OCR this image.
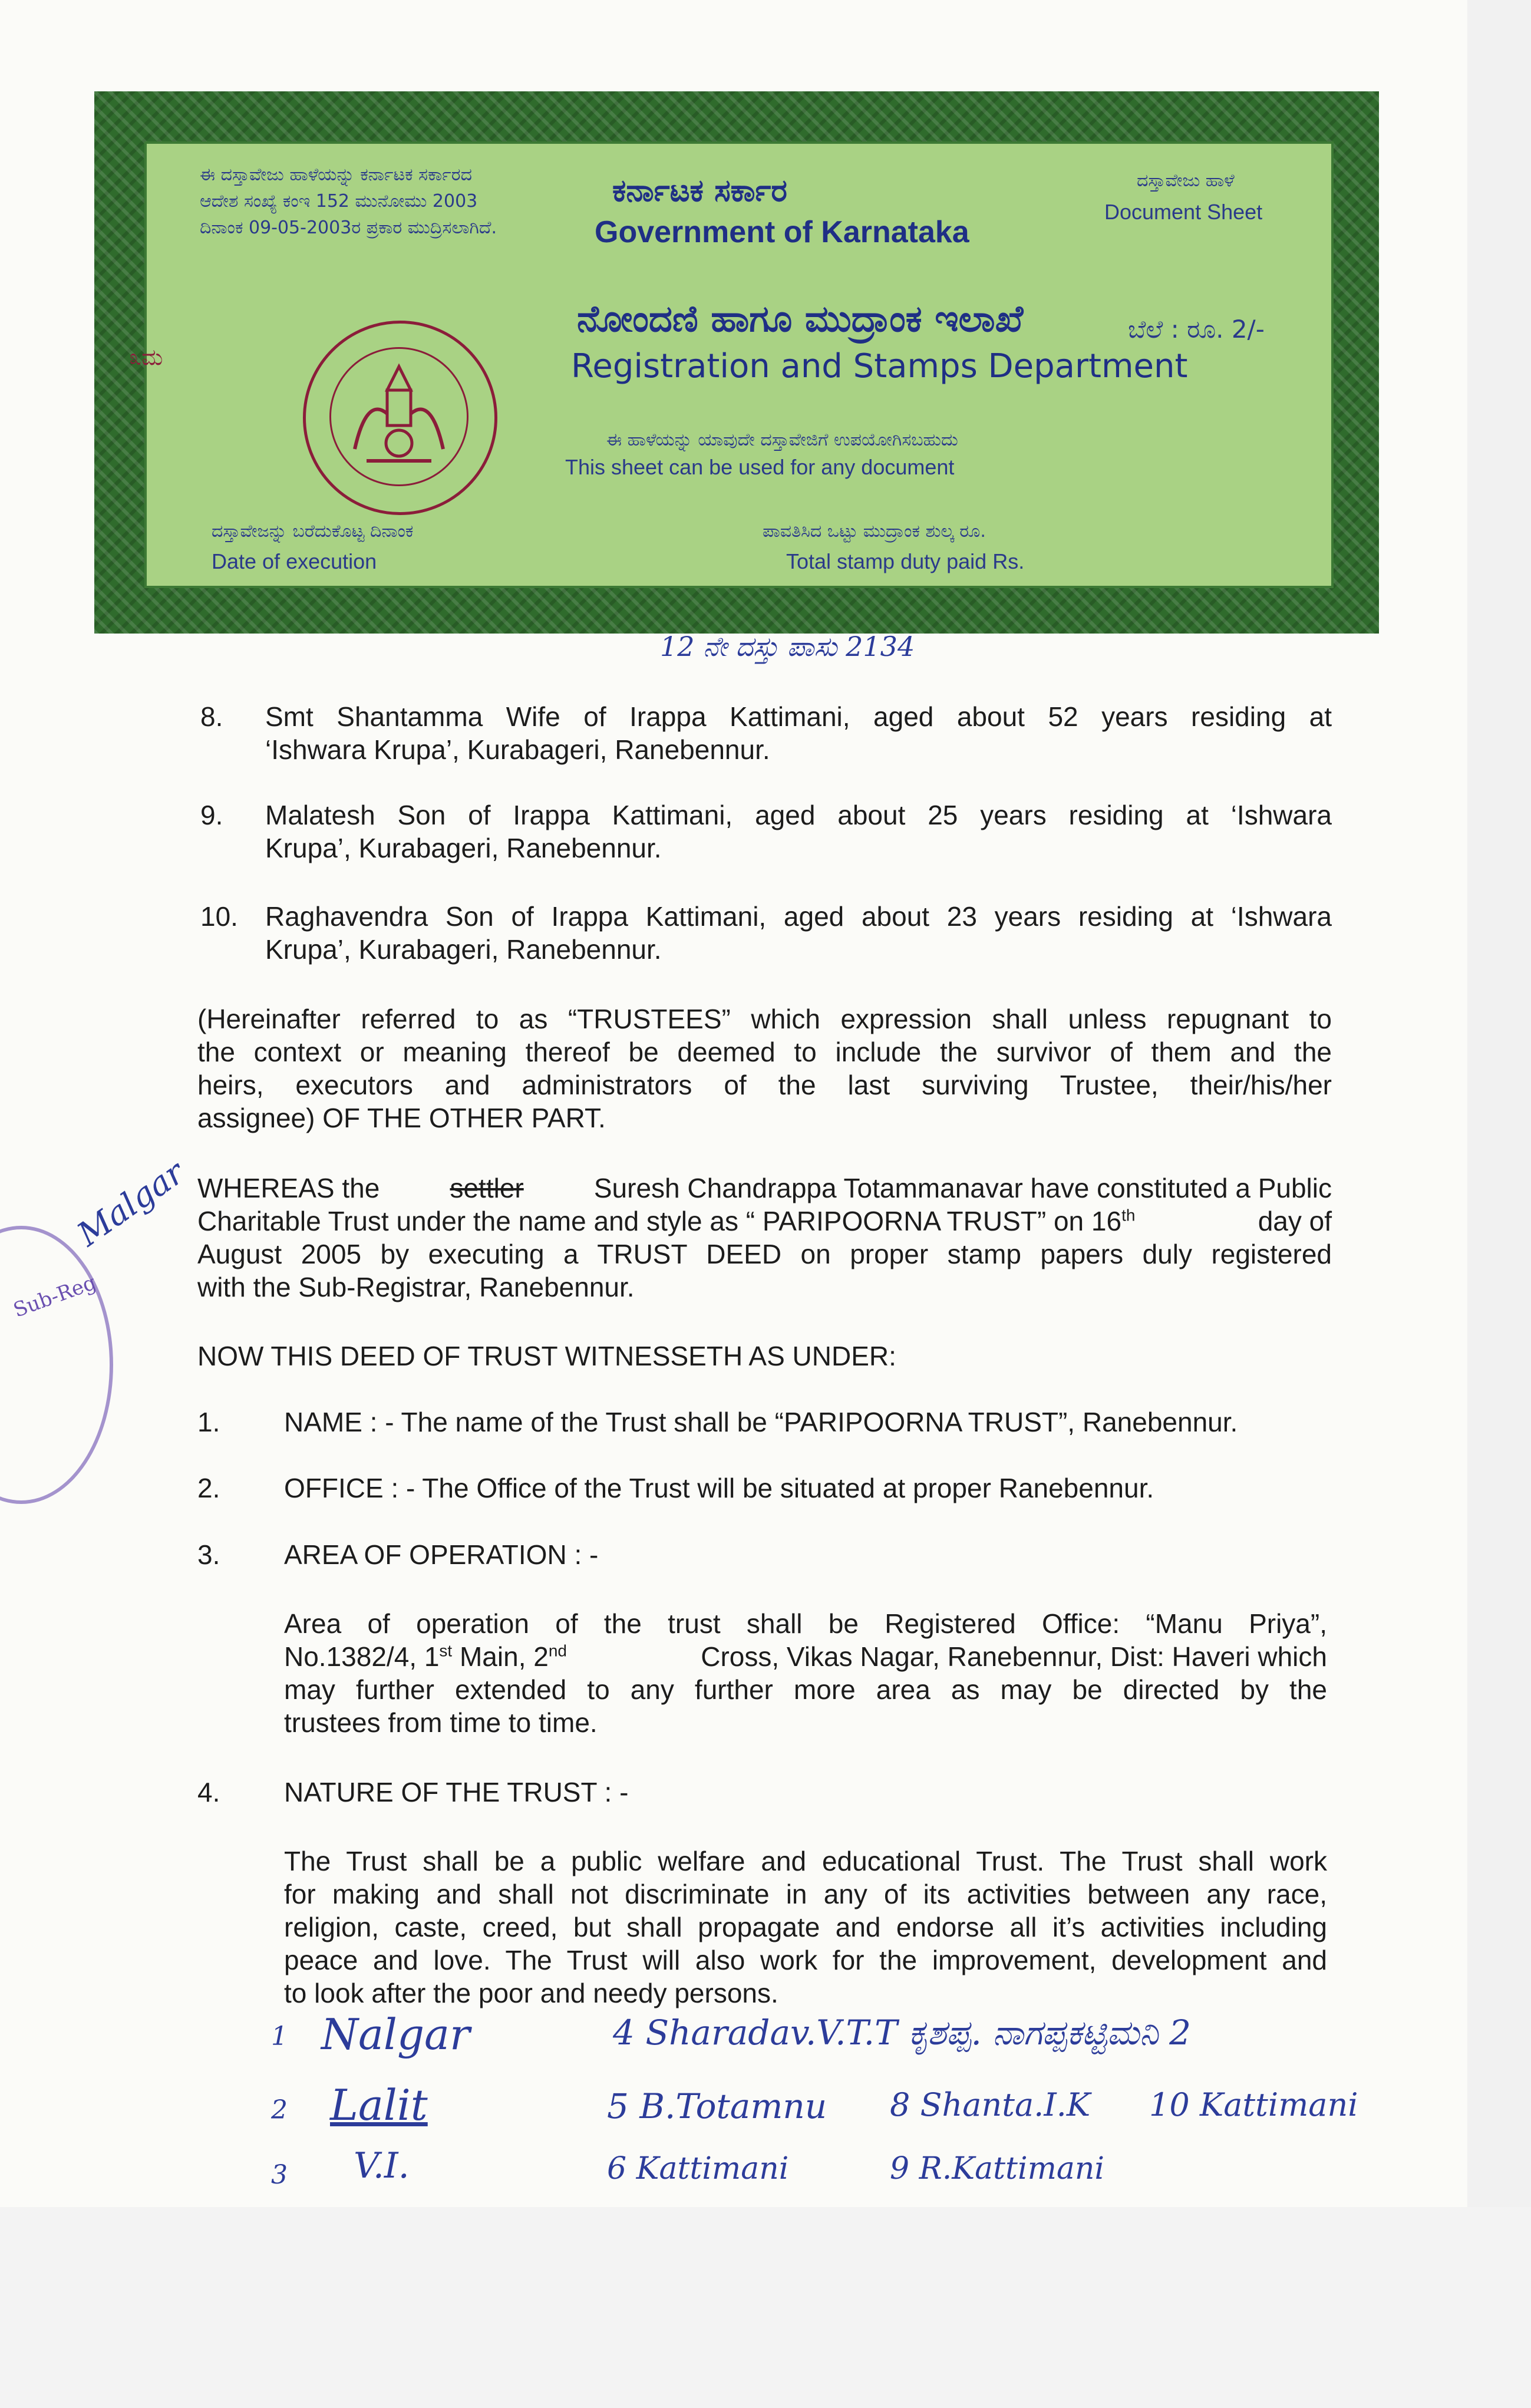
ಈ ದಸ್ತಾವೇಜು ಹಾಳೆಯನ್ನು ಕರ್ನಾಟಕ ಸರ್ಕಾರದ
ಆದೇಶ ಸಂಖ್ಯೆ ಕಂಇ 152 ಮುನೋಮು 2003
ದಿನಾಂಕ 09-05-2003ರ ಪ್ರಕಾರ ಮುದ್ರಿಸಲಾಗಿದೆ.
ಕರ್ನಾಟಕ ಸರ್ಕಾರ
Government of Karnataka
ದಸ್ತಾವೇಜು ಹಾಳೆ
Document Sheet
೩ಮ
ನೋಂದಣಿ ಹಾಗೂ ಮುದ್ರಾಂಕ ಇಲಾಖೆ
Registration and Stamps Department
ಬೆಲೆ : ರೂ. 2/-
ಈ ಹಾಳೆಯನ್ನು ಯಾವುದೇ ದಸ್ತಾವೇಜಿಗೆ ಉಪಯೋಗಿಸಬಹುದು
This sheet can be used for any document
ದಸ್ತಾವೇಜನ್ನು ಬರೆದುಕೊಟ್ಟ ದಿನಾಂಕ
Date of execution
ಪಾವತಿಸಿದ ಒಟ್ಟು ಮುದ್ರಾಂಕ ಶುಲ್ಕ ರೂ.
Total stamp duty paid Rs.
12 ನೇ ದಸ್ತು ಪಾಸು 2134
8. Smt Shantamma Wife of Irappa Kattimani, aged about 52 years residing at
‘Ishwara Krupa’, Kurabageri, Ranebennur.
9. Malatesh Son of Irappa Kattimani, aged about 25 years residing at ‘Ishwara
Krupa’, Kurabageri, Ranebennur.
10. Raghavendra Son of Irappa Kattimani, aged about 23 years residing at ‘Ishwara
Krupa’, Kurabageri, Ranebennur.
(Hereinafter referred to as “TRUSTEES” which expression shall unless repugnant to
the context or meaning thereof be deemed to include the survivor of them and the
heirs, executors and administrators of the last surviving Trustee, their/his/her
assignee) OF THE OTHER PART.
WHEREAS the	settler	Suresh Chandrappa Totammanavar have constituted a Public
Charitable Trust under the name and style as “ PARIPOORNA TRUST” on 16th	day of
August 2005 by executing a TRUST DEED on proper stamp papers duly registered
with the Sub-Registrar, Ranebennur.
NOW THIS DEED OF TRUST WITNESSETH AS UNDER:
1. NAME : - The name of the Trust shall be “PARIPOORNA TRUST”, Ranebennur.
2. OFFICE : - The Office of the Trust will be situated at proper Ranebennur.
3. AREA OF OPERATION : -
Area of operation of the trust shall be Registered Office: “Manu Priya”,
No.1382/4, 1st Main, 2nd	Cross, Vikas Nagar, Ranebennur, Dist: Haveri which
may further extended to any further more area as may be directed by the
trustees from time to time.
4. NATURE OF THE TRUST : -
The Trust shall be a public welfare and educational Trust. The Trust shall work
for making and shall not discriminate in any of its activities between any race,
religion, caste, creed, but shall propagate and endorse all it’s activities including
peace and love. The Trust will also work for the improvement, development and
to look after the poor and needy persons.
1 Nalgar	4 Sharadav.V.T.T ಕೃಶಪ್ಪ. ನಾಗಪ್ಪಕಟ್ಟಿಮನಿ 2
2 Lalit	5 B.Totamnu 8 Shanta.I.K 10 Kattimani
3 V.I.	6 Kattimani	9 R.Kattimani
Malgar
Sub-Reg
